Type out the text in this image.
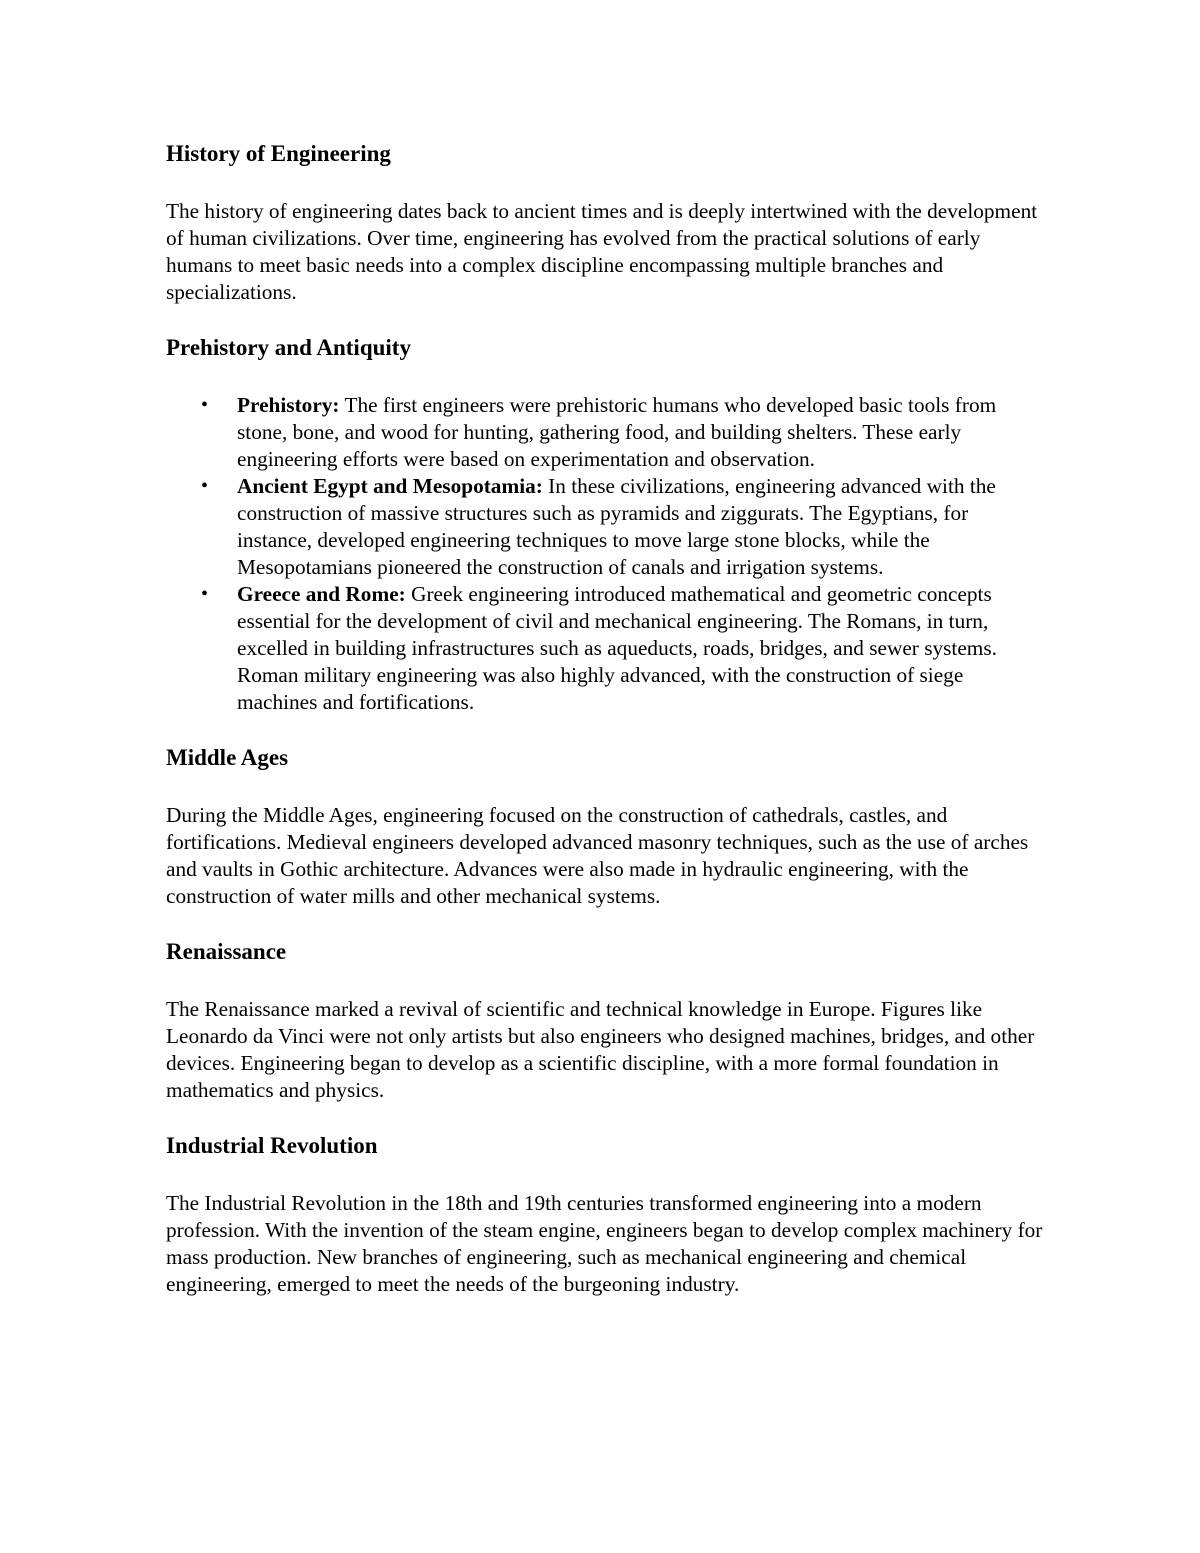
History of Engineering

The history of engineering dates back to ancient times and is deeply intertwined with the development of human civilizations. Over time, engineering has evolved from the practical solutions of early humans to meet basic needs into a complex discipline encompassing multiple branches and specializations.

Prehistory and Antiquity
• Prehistory: The first engineers were prehistoric humans who developed basic tools from stone, bone, and wood for hunting, gathering food, and building shelters. These early engineering efforts were based on experimentation and observation.
• Ancient Egypt and Mesopotamia: In these civilizations, engineering advanced with the construction of massive structures such as pyramids and ziggurats. The Egyptians, for instance, developed engineering techniques to move large stone blocks, while the Mesopotamians pioneered the construction of canals and irrigation systems.
• Greece and Rome: Greek engineering introduced mathematical and geometric concepts essential for the development of civil and mechanical engineering. The Romans, in turn, excelled in building infrastructures such as aqueducts, roads, bridges, and sewer systems. Roman military engineering was also highly advanced, with the construction of siege machines and fortifications.
Middle Ages

During the Middle Ages, engineering focused on the construction of cathedrals, castles, and fortifications. Medieval engineers developed advanced masonry techniques, such as the use of arches and vaults in Gothic architecture. Advances were also made in hydraulic engineering, with the construction of water mills and other mechanical systems.

Renaissance

The Renaissance marked a revival of scientific and technical knowledge in Europe. Figures like Leonardo da Vinci were not only artists but also engineers who designed machines, bridges, and other devices. Engineering began to develop as a scientific discipline, with a more formal foundation in mathematics and physics.

Industrial Revolution

The Industrial Revolution in the 18th and 19th centuries transformed engineering into a modern profession. With the invention of the steam engine, engineers began to develop complex machinery for mass production. New branches of engineering, such as mechanical engineering and chemical engineering, emerged to meet the needs of the burgeoning industry.
